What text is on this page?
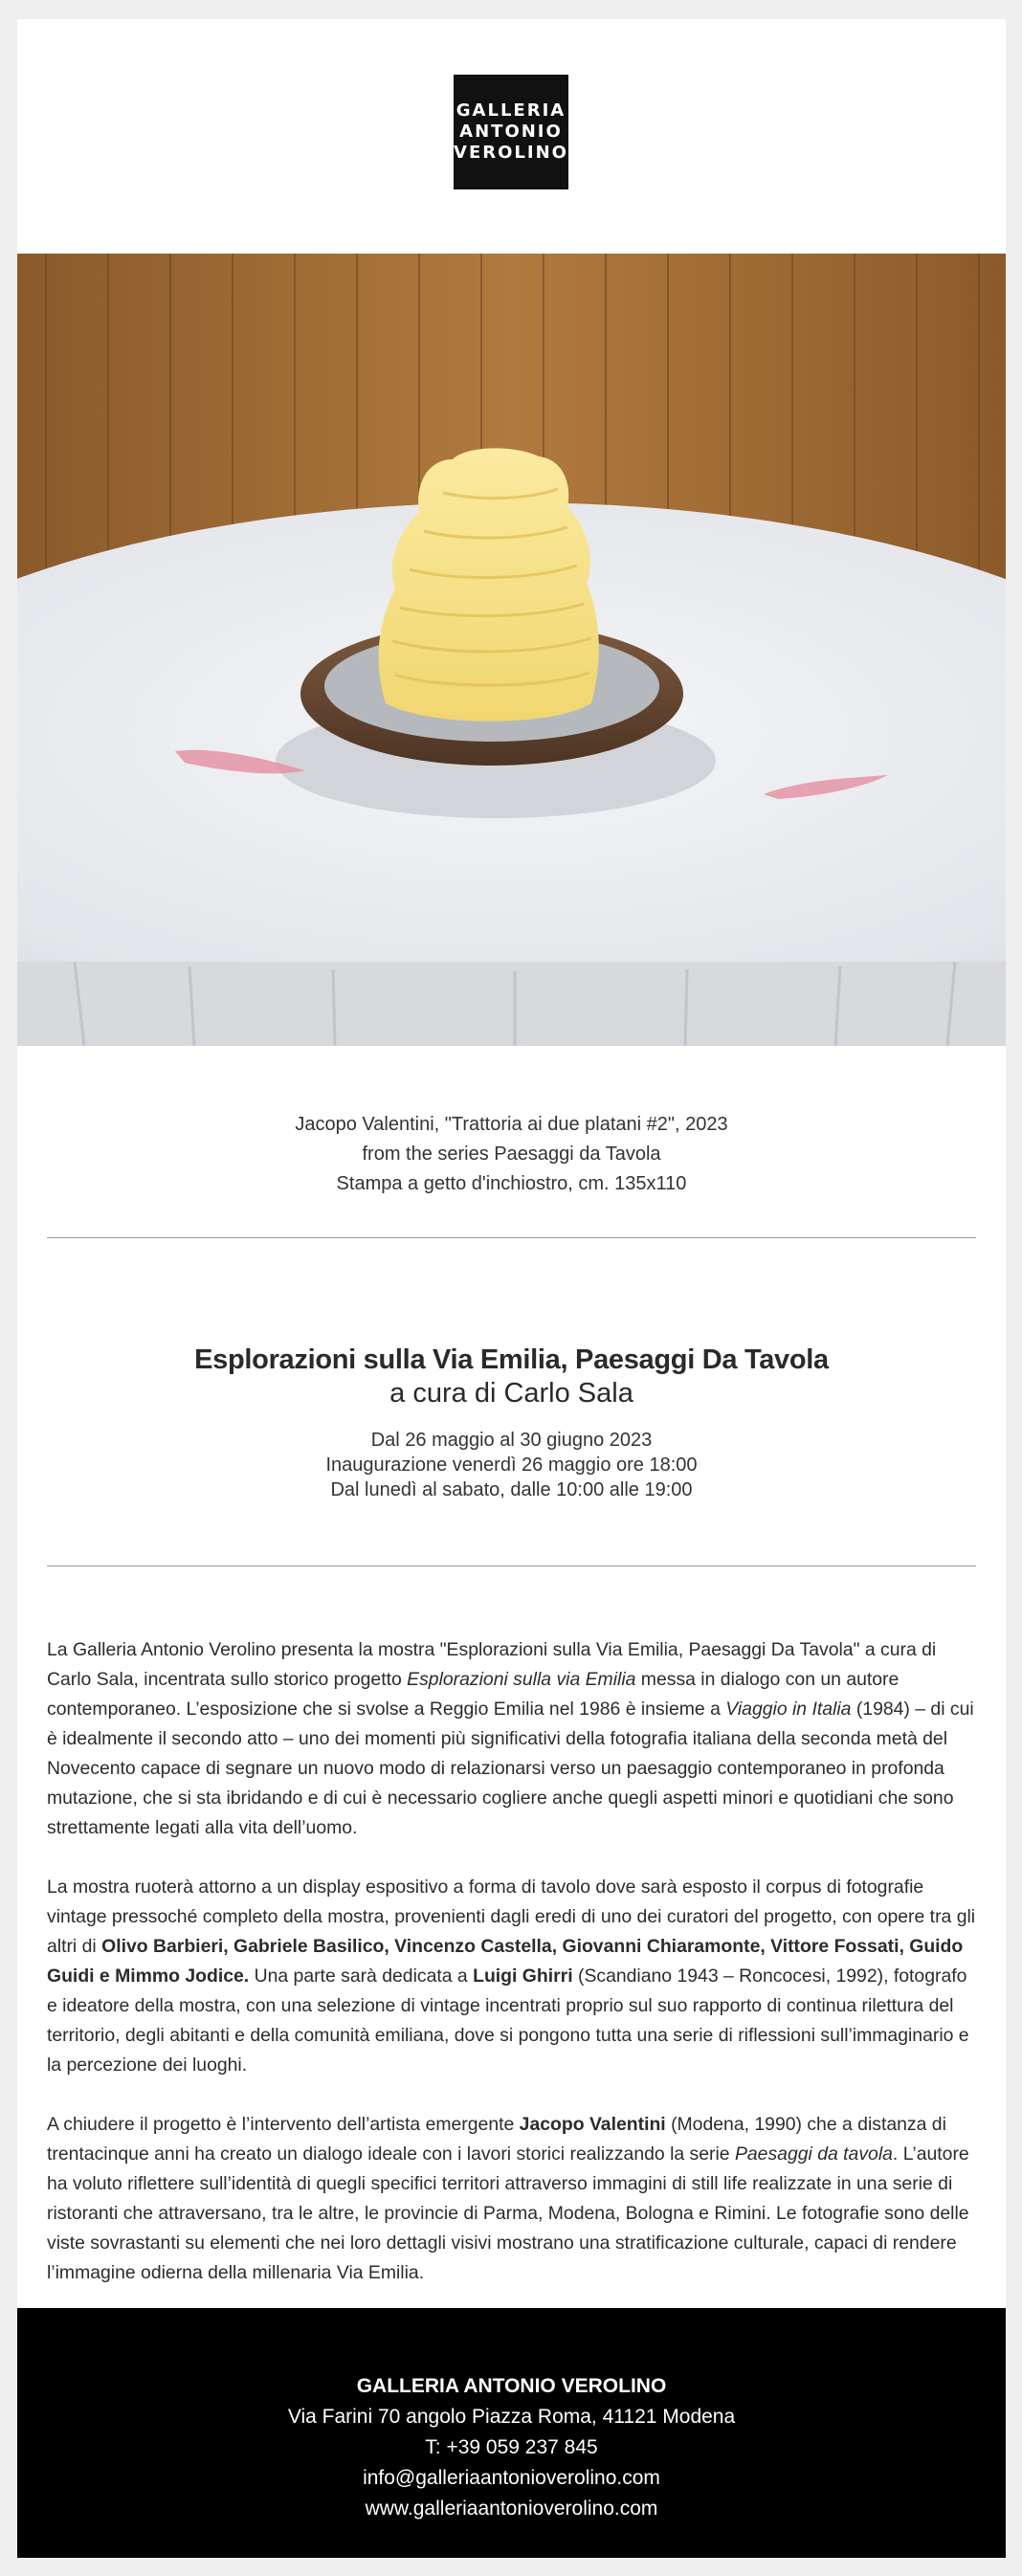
GALLERIA
ANTONIO
VEROLINO
Jacopo Valentini, "Trattoria ai due platani #2", 2023
from the series Paesaggi da Tavola
Stampa a getto d'inchiostro, cm. 135x110
Esplorazioni sulla Via Emilia, Paesaggi Da Tavola
a cura di Carlo Sala
Dal 26 maggio al 30 giugno 2023
Inaugurazione venerdì 26 maggio ore 18:00
Dal lunedì al sabato, dalle 10:00 alle 19:00

La Galleria Antonio Verolino presenta la mostra "Esplorazioni sulla Via Emilia, Paesaggi Da Tavola" a cura di Carlo Sala, incentrata sullo storico progetto Esplorazioni sulla via Emilia messa in dialogo con un autore contemporaneo. L’esposizione che si svolse a Reggio Emilia nel 1986 è insieme a Viaggio in Italia (1984) – di cui è idealmente il secondo atto – uno dei momenti più significativi della fotografia italiana della seconda metà del Novecento capace di segnare un nuovo modo di relazionarsi verso un paesaggio contemporaneo in profonda mutazione, che si sta ibridando e di cui è necessario cogliere anche quegli aspetti minori e quotidiani che sono strettamente legati alla vita dell’uomo.

La mostra ruoterà attorno a un display espositivo a forma di tavolo dove sarà esposto il corpus di fotografie vintage pressoché completo della mostra, provenienti dagli eredi di uno dei curatori del progetto, con opere tra gli altri di Olivo Barbieri, Gabriele Basilico, Vincenzo Castella, Giovanni Chiaramonte, Vittore Fossati, Guido Guidi e Mimmo Jodice. Una parte sarà dedicata a Luigi Ghirri (Scandiano 1943 – Roncocesi, 1992), fotografo e ideatore della mostra, con una selezione di vintage incentrati proprio sul suo rapporto di continua rilettura del territorio, degli abitanti e della comunità emiliana, dove si pongono tutta una serie di riflessioni sull’immaginario e la percezione dei luoghi.

A chiudere il progetto è l’intervento dell’artista emergente Jacopo Valentini (Modena, 1990) che a distanza di trentacinque anni ha creato un dialogo ideale con i lavori storici realizzando la serie Paesaggi da tavola. L’autore ha voluto riflettere sull’identità di quegli specifici territori attraverso immagini di still life realizzate in una serie di ristoranti che attraversano, tra le altre, le provincie di Parma, Modena, Bologna e Rimini. Le fotografie sono delle viste sovrastanti su elementi che nei loro dettagli visivi mostrano una stratificazione culturale, capaci di rendere l’immagine odierna della millenaria Via Emilia.

GALLERIA ANTONIO VEROLINO
Via Farini 70 angolo Piazza Roma, 41121 Modena
T: +39 059 237 845
info@galleriaantonioverolino.com
www.galleriaantonioverolino.com
